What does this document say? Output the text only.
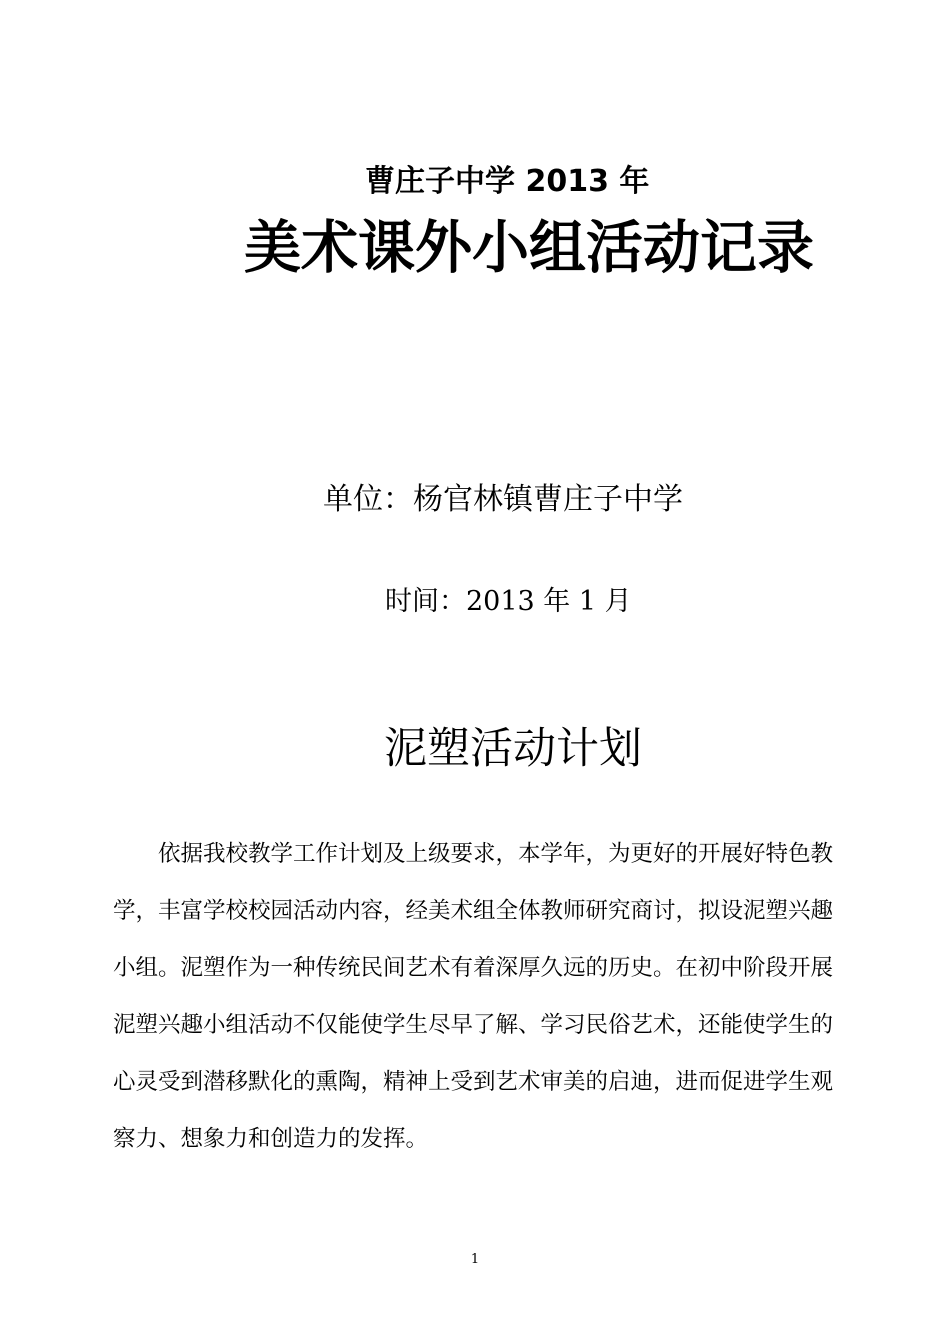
曹庄子中学 2013 年
美术课外小组活动记录
单位：杨官林镇曹庄子中学
时间：2013 年 1 月
泥塑活动计划
　　依据我校教学工作计划及上级要求，本学年，为更好的开展好特色教
学，丰富学校校园活动内容，经美术组全体教师研究商讨，拟设泥塑兴趣
小组。泥塑作为一种传统民间艺术有着深厚久远的历史。在初中阶段开展
泥塑兴趣小组活动不仅能使学生尽早了解、学习民俗艺术，还能使学生的
心灵受到潜移默化的熏陶，精神上受到艺术审美的启迪，进而促进学生观
察力、想象力和创造力的发挥。
1
